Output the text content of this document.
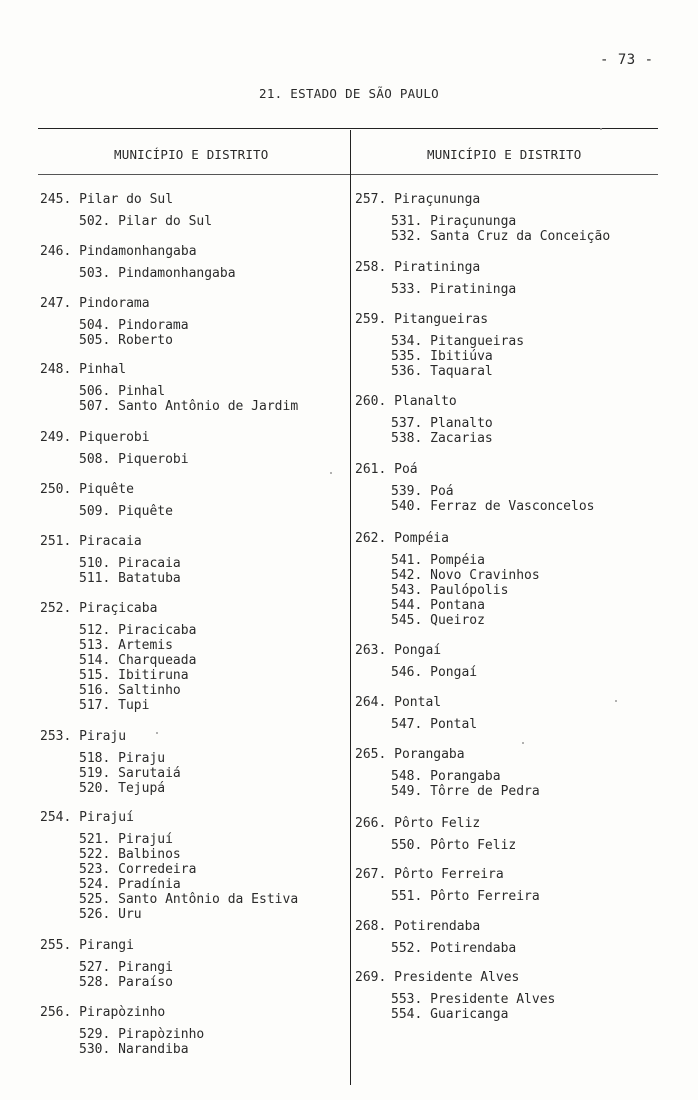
- 73 -
21. ESTADO DE SÃO PAULO
MUNICÍPIO E DISTRITO	MUNICÍPIO E DISTRITO
245. Pilar do Sul
502. Pilar do Sul
246. Pindamonhangaba
503. Pindamonhangaba
247. Pindorama
504. Pindorama
505. Roberto
248. Pinhal
506. Pinhal
507. Santo Antônio de Jardim
249. Piquerobi
508. Piquerobi
250. Piquête
509. Piquête
251. Piracaia
510. Piracaia
511. Batatuba
252. Piraçicaba
512. Piracicaba
513. Artemis
514. Charqueada
515. Ibitiruna
516. Saltinho
517. Tupi
253. Piraju
518. Piraju
519. Sarutaiá
520. Tejupá
254. Pirajuí
521. Pirajuí
522. Balbinos
523. Corredeira
524. Pradínia
525. Santo Antônio da Estiva
526. Uru
255. Pirangi
527. Pirangi
528. Paraíso
256. Pirapòzinho
529. Pirapòzinho
530. Narandiba
257. Piraçununga
531. Piraçununga
532. Santa Cruz da Conceição
258. Piratininga
533. Piratininga
259. Pitangueiras
534. Pitangueiras
535. Ibitiúva
536. Taquaral
260. Planalto
537. Planalto
538. Zacarias
261. Poá
539. Poá
540. Ferraz de Vasconcelos
262. Pompéia
541. Pompéia
542. Novo Cravinhos
543. Paulópolis
544. Pontana
545. Queiroz
263. Pongaí
546. Pongaí
264. Pontal
547. Pontal
265. Porangaba
548. Porangaba
549. Tôrre de Pedra
266. Pôrto Feliz
550. Pôrto Feliz
267. Pôrto Ferreira
551. Pôrto Ferreira
268. Potirendaba
552. Potirendaba
269. Presidente Alves
553. Presidente Alves
554. Guaricanga
